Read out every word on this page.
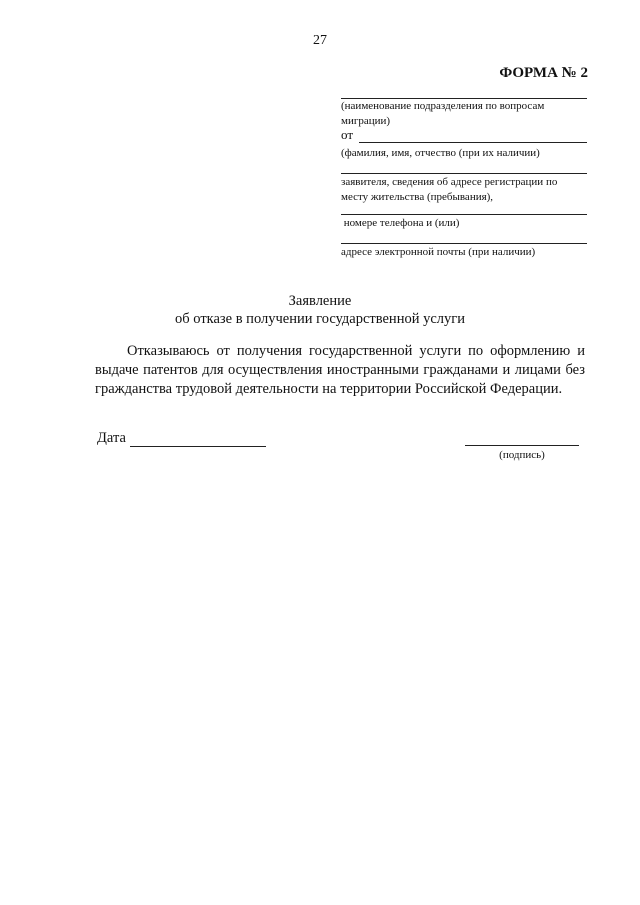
27
ФОРМА № 2
(наименование подразделения по вопросам миграции)
от
(фамилия, имя, отчество (при их наличии)
заявителя, сведения об адресе регистрации по месту жительства (пребывания),
номере телефона и (или)
адресе электронной почты (при наличии)
Заявление
об отказе в получении государственной услуги
Отказываюсь от получения государственной услуги по оформлению и выдаче патентов для осуществления иностранными гражданами и лицами без гражданства трудовой деятельности на территории Российской Федерации.
Дата
(подпись)
